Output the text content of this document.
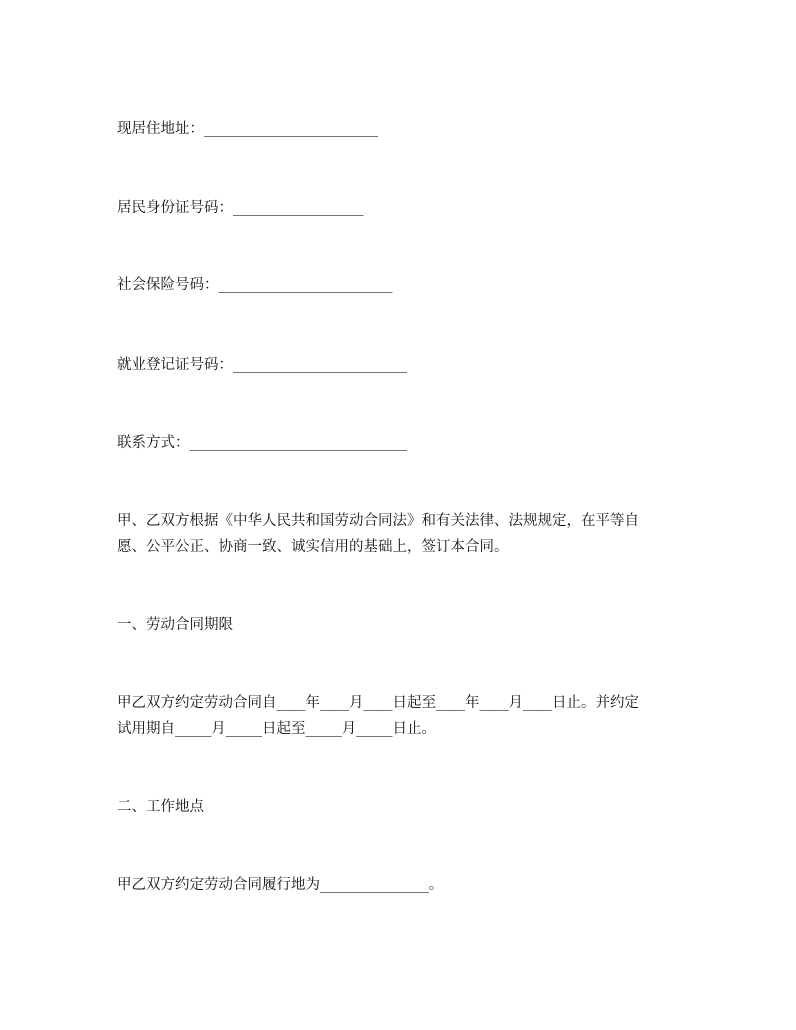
现居住地址：________________________

居民身份证号码：__________________

社会保险号码：________________________

就业登记证号码：________________________

联系方式：______________________________

甲、乙双方根据《中华人民共和国劳动合同法》和有关法律、法规规定，在平等自

愿、公平公正、协商一致、诚实信用的基础上，签订本合同。

一、劳动合同期限

甲乙双方约定劳动合同自____年____月____日起至____年____月____日止。并约定

试用期自_____月_____日起至_____月_____日止。

二、工作地点

甲乙双方约定劳动合同履行地为_______________。
